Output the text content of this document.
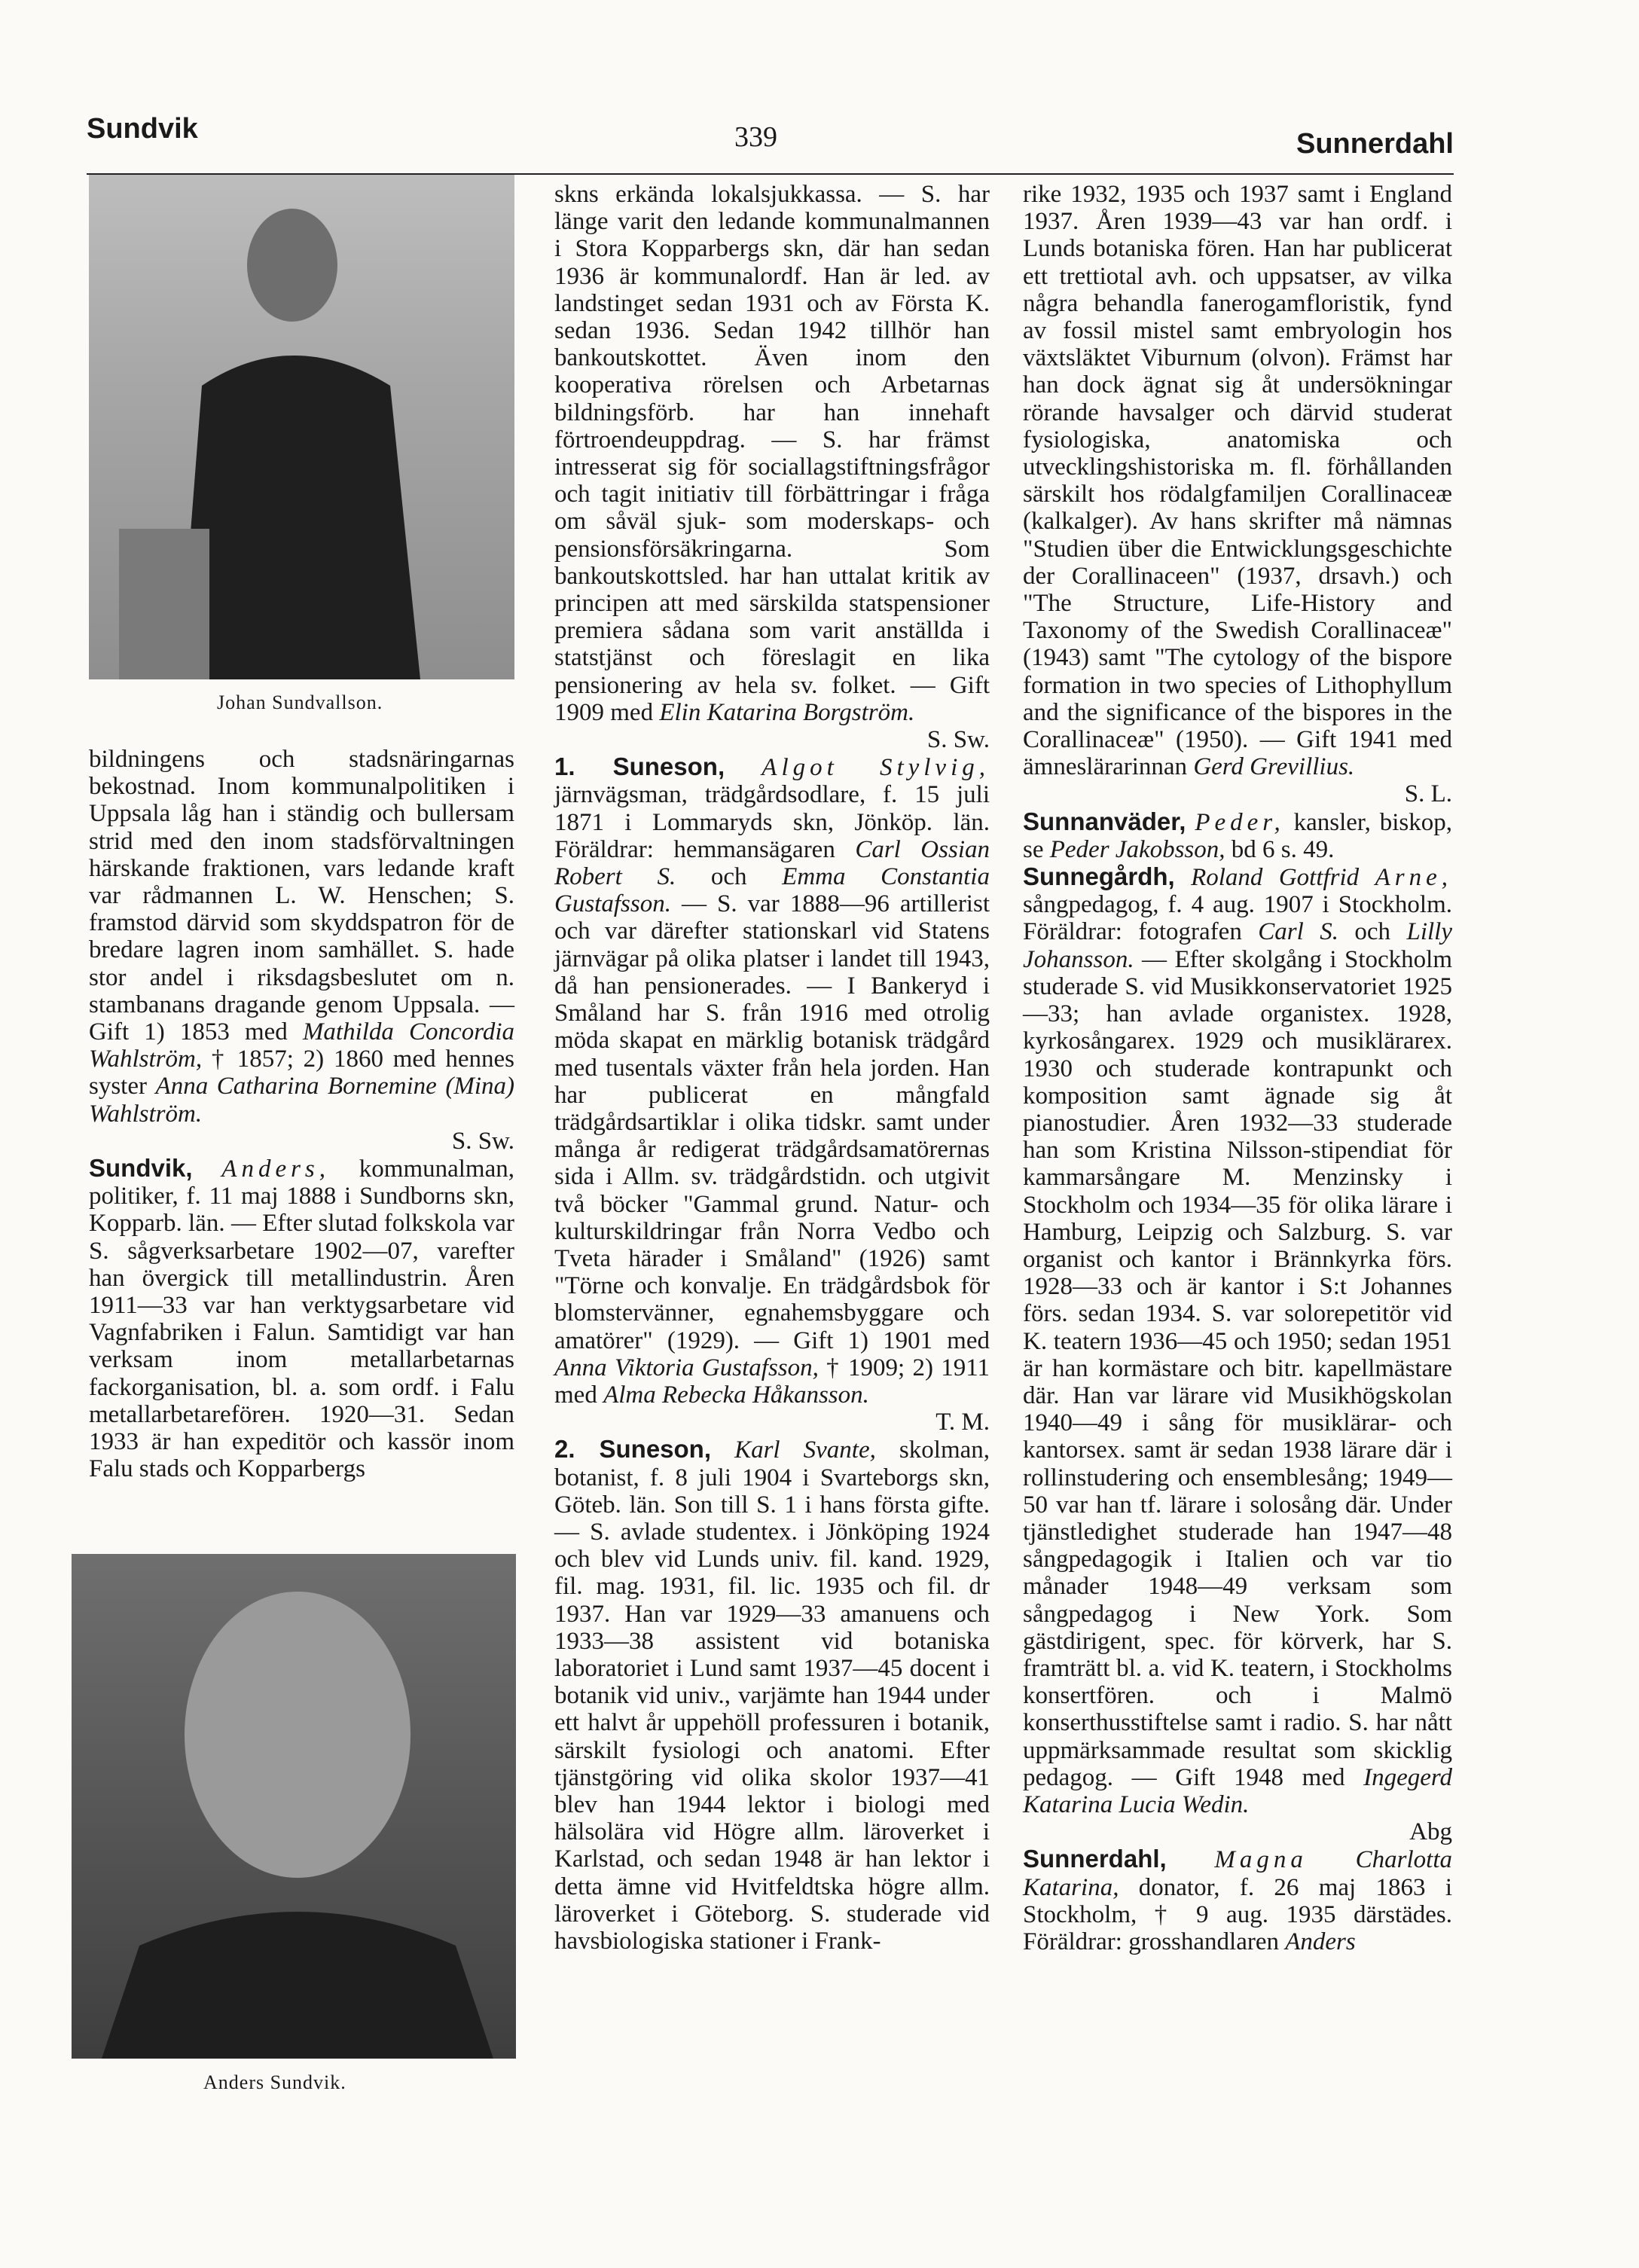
Sundvik	339	Sunnerdahl
Johan Sundvallson.
Anders Sundvik.

bildningens och stadsnäringarnas bekostnad. Inom kommunalpolitiken i Uppsala låg han i ständig och bullersam strid med den inom stadsförvaltningen härskande fraktionen, vars ledande kraft var rådmannen L. W. Henschen; S. framstod därvid som skyddspatron för de bredare lagren inom samhället. S. hade stor andel i riksdagsbeslutet om n. stambanans dragande genom Uppsala. — Gift 1) 1853 med Mathilda Concordia Wahlström, † 1857; 2) 1860 med hennes syster Anna Catharina Bornemine (Mina) Wahlström.
S. Sw.

Sundvik, Anders, kommunalman, politiker, f. 11 maj 1888 i Sundborns skn, Kopparb. län. — Efter slutad folkskola var S. sågverksarbetare 1902—07, varefter han övergick till metallindustrin. Åren 1911—33 var han verktygsarbetare vid Vagnfabriken i Falun. Samtidigt var han verksam inom metallarbetarnas fackorganisation, bl. a. som ordf. i Falu metallarbetareförен. 1920—31. Sedan 1933 är han expeditör och kassör inom Falu stads och Kopparbergs

skns erkända lokalsjukkassa. — S. har länge varit den ledande kommunalmannen i Stora Kopparbergs skn, där han sedan 1936 är kommunalordf. Han är led. av landstinget sedan 1931 och av Första K. sedan 1936. Sedan 1942 tillhör han bankoutskottet. Även inom den kooperativa rörelsen och Arbetarnas bildningsförb. har han innehaft förtroendeuppdrag. — S. har främst intresserat sig för sociallagstiftningsfrågor och tagit initiativ till förbättringar i fråga om såväl sjuk- som moderskaps- och pensionsförsäkringarna. Som bankoutskottsled. har han uttalat kritik av principen att med särskilda statspensioner premiera sådana som varit anställda i statstjänst och föreslagit en lika pensionering av hela sv. folket. — Gift 1909 med Elin Katarina Borgström.
S. Sw.

1. Suneson, Algot Stylvig, järnvägsman, trädgårdsodlare, f. 15 juli 1871 i Lommaryds skn, Jönköp. län. Föräldrar: hemmansägaren Carl Ossian Robert S. och Emma Constantia Gustafsson. — S. var 1888—96 artillerist och var därefter stationskarl vid Statens järnvägar på olika platser i landet till 1943, då han pensionerades. — I Bankeryd i Småland har S. från 1916 med otrolig möda skapat en märklig botanisk trädgård med tusentals växter från hela jorden. Han har publicerat en mångfald trädgårdsartiklar i olika tidskr. samt under många år redigerat trädgårdsamatörernas sida i Allm. sv. trädgårdstidn. och utgivit två böcker "Gammal grund. Natur- och kulturskildringar från Norra Vedbo och Tveta härader i Småland" (1926) samt "Törne och konvalje. En trädgårdsbok för blomstervänner, egnahemsbyggare och amatörer" (1929). — Gift 1) 1901 med Anna Viktoria Gustafsson, † 1909; 2) 1911 med Alma Rebecka Håkansson.
T. M.

2. Suneson, Karl Svante, skolman, botanist, f. 8 juli 1904 i Svarteborgs skn, Göteb. län. Son till S. 1 i hans första gifte. — S. avlade studentex. i Jönköping 1924 och blev vid Lunds univ. fil. kand. 1929, fil. mag. 1931, fil. lic. 1935 och fil. dr 1937. Han var 1929—33 amanuens och 1933—38 assistent vid botaniska laboratoriet i Lund samt 1937—45 docent i botanik vid univ., varjämte han 1944 under ett halvt år uppehöll professuren i botanik, särskilt fysiologi och anatomi. Efter tjänstgöring vid olika skolor 1937—41 blev han 1944 lektor i biologi med hälsolära vid Högre allm. läroverket i Karlstad, och sedan 1948 är han lektor i detta ämne vid Hvitfeldtska högre allm. läroverket i Göteborg. S. studerade vid havsbiologiska stationer i Frank-

rike 1932, 1935 och 1937 samt i England 1937. Åren 1939—43 var han ordf. i Lunds botaniska fören. Han har publicerat ett trettiotal avh. och uppsatser, av vilka några behandla fanerogamfloristik, fynd av fossil mistel samt embryologin hos växtsläktet Viburnum (olvon). Främst har han dock ägnat sig åt undersökningar rörande havsalger och därvid studerat fysiologiska, anatomiska och utvecklingshistoriska m. fl. förhållanden särskilt hos rödalgfamiljen Corallinaceæ (kalkalger). Av hans skrifter må nämnas "Studien über die Entwicklungsgeschichte der Corallinaceen" (1937, drsavh.) och "The Structure, Life-History and Taxonomy of the Swedish Corallinaceæ" (1943) samt "The cytology of the bispore formation in two species of Lithophyllum and the significance of the bispores in the Corallinaceæ" (1950). — Gift 1941 med ämneslärarinnan Gerd Grevillius.
S. L.

Sunnanväder, Peder, kansler, biskop, se Peder Jakobsson, bd 6 s. 49.

Sunnegårdh, Roland Gottfrid Arne, sångpedagog, f. 4 aug. 1907 i Stockholm. Föräldrar: fotografen Carl S. och Lilly Johansson. — Efter skolgång i Stockholm studerade S. vid Musikkonservatoriet 1925—33; han avlade organistex. 1928, kyrkosångarex. 1929 och musiklärarex. 1930 och studerade kontrapunkt och komposition samt ägnade sig åt pianostudier. Åren 1932—33 studerade han som Kristina Nilsson-stipendiat för kammarsångare M. Menzinsky i Stockholm och 1934—35 för olika lärare i Hamburg, Leipzig och Salzburg. S. var organist och kantor i Brännkyrka förs. 1928—33 och är kantor i S:t Johannes förs. sedan 1934. S. var solorepetitör vid K. teatern 1936—45 och 1950; sedan 1951 är han kormästare och bitr. kapellmästare där. Han var lärare vid Musikhögskolan 1940—49 i sång för musiklärar- och kantorsex. samt är sedan 1938 lärare där i rollinstudering och ensemblesång; 1949—50 var han tf. lärare i solosång där. Under tjänstledighet studerade han 1947—48 sångpedagogik i Italien och var tio månader 1948—49 verksam som sångpedagog i New York. Som gästdirigent, spec. för körverk, har S. framträtt bl. a. vid K. teatern, i Stockholms konsertfören. och i Malmö konserthusstiftelse samt i radio. S. har nått uppmärksammade resultat som skicklig pedagog. — Gift 1948 med Ingegerd Katarina Lucia Wedin.
Abg

Sunnerdahl, Magna Charlotta Katarina, donator, f. 26 maj 1863 i Stockholm, † 9 aug. 1935 därstädes. Föräldrar: grosshandlaren Anders
